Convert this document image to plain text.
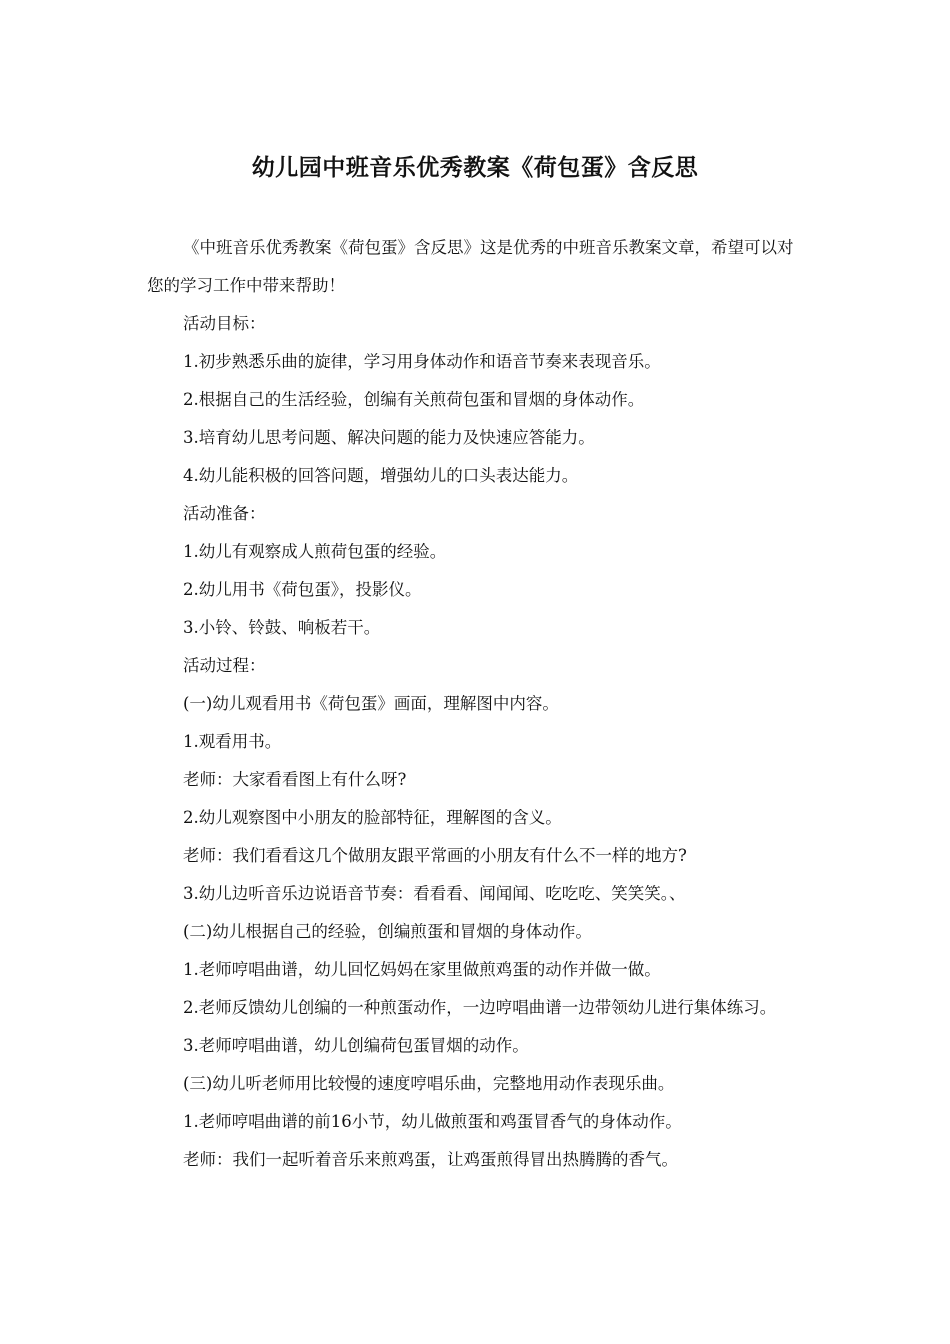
幼儿园中班音乐优秀教案《荷包蛋》含反思

《中班音乐优秀教案《荷包蛋》含反思》这是优秀的中班音乐教案文章，希望可以对您的学习工作中带来帮助！

活动目标：

1.初步熟悉乐曲的旋律，学习用身体动作和语音节奏来表现音乐。

2.根据自己的生活经验，创编有关煎荷包蛋和冒烟的身体动作。

3.培育幼儿思考问题、解决问题的能力及快速应答能力。

4.幼儿能积极的回答问题，增强幼儿的口头表达能力。

活动准备：

1.幼儿有观察成人煎荷包蛋的经验。

2.幼儿用书《荷包蛋》，投影仪。

3.小铃、铃鼓、响板若干。

活动过程：

(一)幼儿观看用书《荷包蛋》画面，理解图中内容。

1.观看用书。

老师：大家看看图上有什么呀?

2.幼儿观察图中小朋友的脸部特征，理解图的含义。

老师：我们看看这几个做朋友跟平常画的小朋友有什么不一样的地方?

3.幼儿边听音乐边说语音节奏：看看看、闻闻闻、吃吃吃、笑笑笑。、

(二)幼儿根据自己的经验，创编煎蛋和冒烟的身体动作。

1.老师哼唱曲谱，幼儿回忆妈妈在家里做煎鸡蛋的动作并做一做。

2.老师反馈幼儿创编的一种煎蛋动作，一边哼唱曲谱一边带领幼儿进行集体练习。

3.老师哼唱曲谱，幼儿创编荷包蛋冒烟的动作。

(三)幼儿听老师用比较慢的速度哼唱乐曲，完整地用动作表现乐曲。

1.老师哼唱曲谱的前16小节，幼儿做煎蛋和鸡蛋冒香气的身体动作。

老师：我们一起听着音乐来煎鸡蛋，让鸡蛋煎得冒出热腾腾的香气。
